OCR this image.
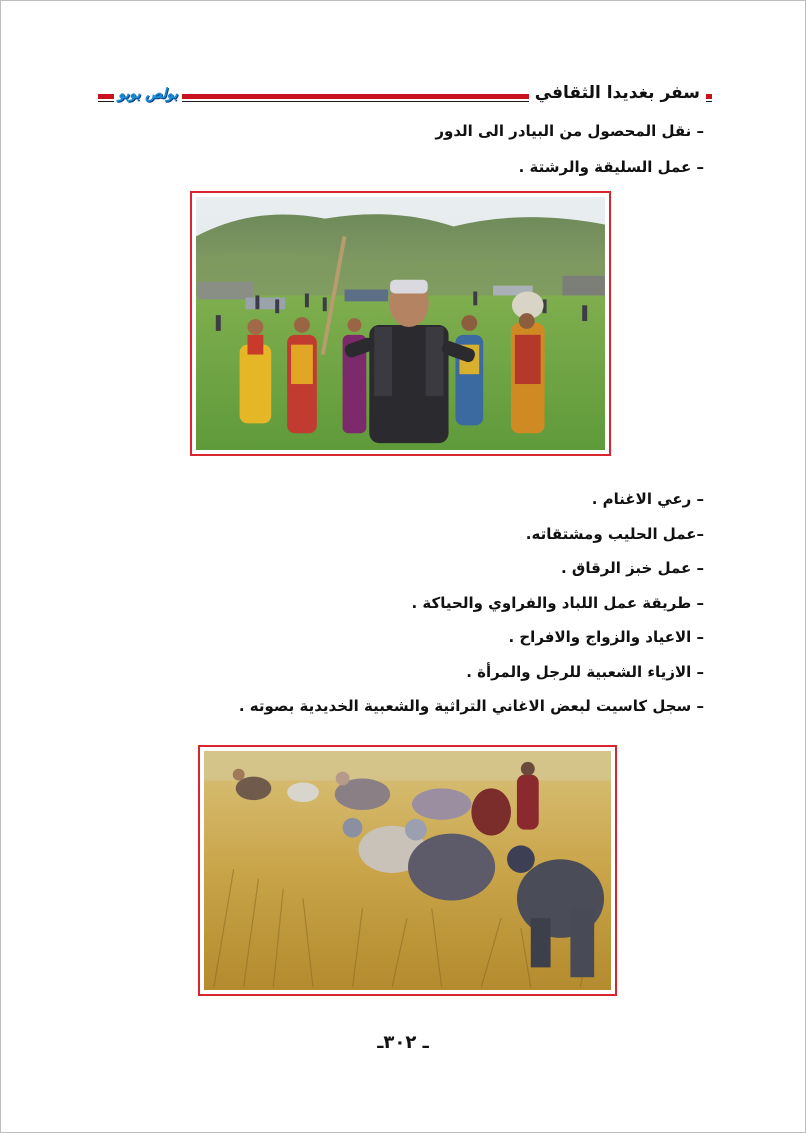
سفر بغديدا الثقافي
بولص بوبو
– نقل المحصول من البيادر الى الدور
– عمل السليقة والرشتة .
– رعي الاغنام .
–عمل الحليب ومشتقاته.
– عمل خبز الرقاق .
– طريقة عمل اللباد والفراوي والحياكة .
– الاعياد والزواج والافراح .
– الازياء الشعبية للرجل والمرأة .
– سجل كاسيت لبعض الاغاني التراثية والشعبية الخديدية بصوته .
ـ ٣٠٢ـ
